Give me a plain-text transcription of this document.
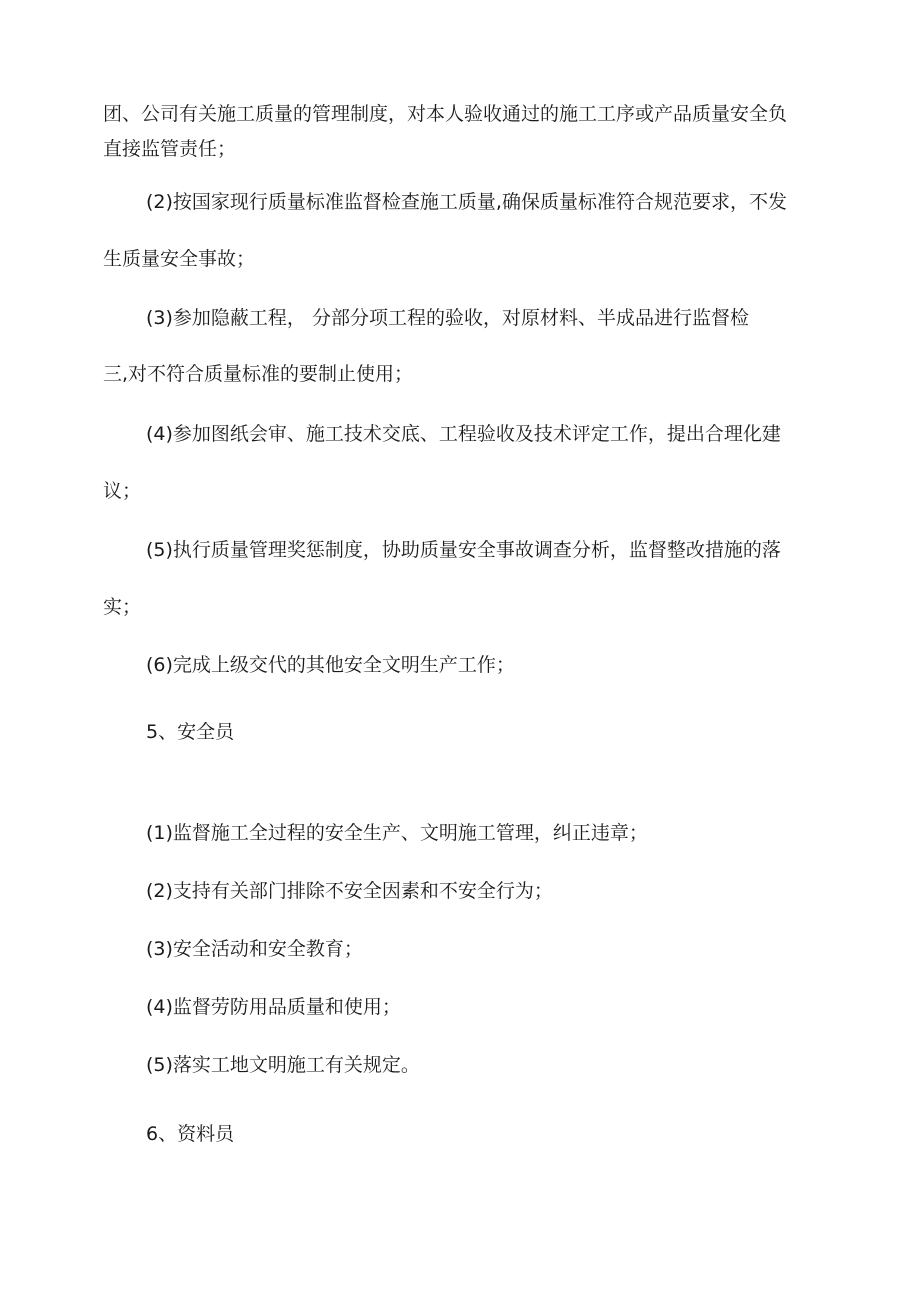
团、公司有关施工质量的管理制度，对本人验收通过的施工工序或产品质量安全负
直接监管责任；
(2)按国家现行质量标准监督检查施工质量,确保质量标准符合规范要求，不发
生质量安全事故；
(3)参加隐蔽工程， 分部分项工程的验收，对原材料、半成品进行监督检
三,对不符合质量标准的要制止使用；
(4)参加图纸会审、施工技术交底、工程验收及技术评定工作，提出合理化建
议；
(5)执行质量管理奖惩制度，协助质量安全事故调查分析，监督整改措施的落
实；
(6)完成上级交代的其他安全文明生产工作；
5、安全员
(1)监督施工全过程的安全生产、文明施工管理，纠正违章；
(2)支持有关部门排除不安全因素和不安全行为；
(3)安全活动和安全教育；
(4)监督劳防用品质量和使用；
(5)落实工地文明施工有关规定。
6、资料员
